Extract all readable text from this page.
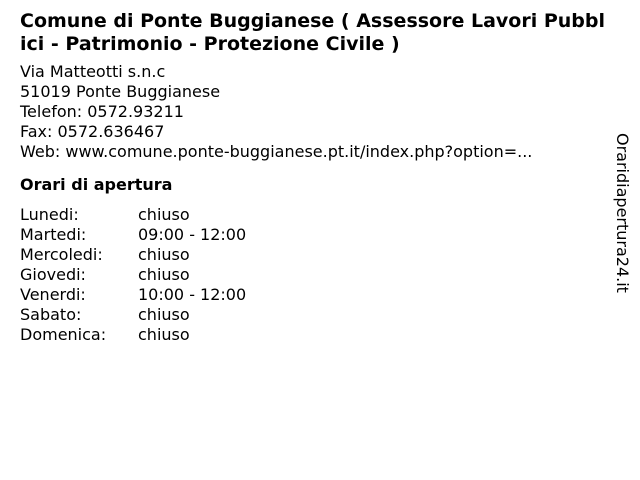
Comune di Ponte Buggianese ( Assessore Lavori Pubblici - Patrimonio - Protezione Civile )
Via Matteotti s.n.c
51019 Ponte Buggianese
Telefon: 0572.93211
Fax: 0572.636467
Web: www.comune.ponte-buggianese.pt.it/index.php?option=...
Orari di apertura
Lunedi:	chiuso
Martedi:	09:00 - 12:00
Mercoledi:	chiuso
Giovedi:	chiuso
Venerdi:	10:00 - 12:00
Sabato:	chiuso
Domenica:	chiuso
Oraridiapertura24.it
